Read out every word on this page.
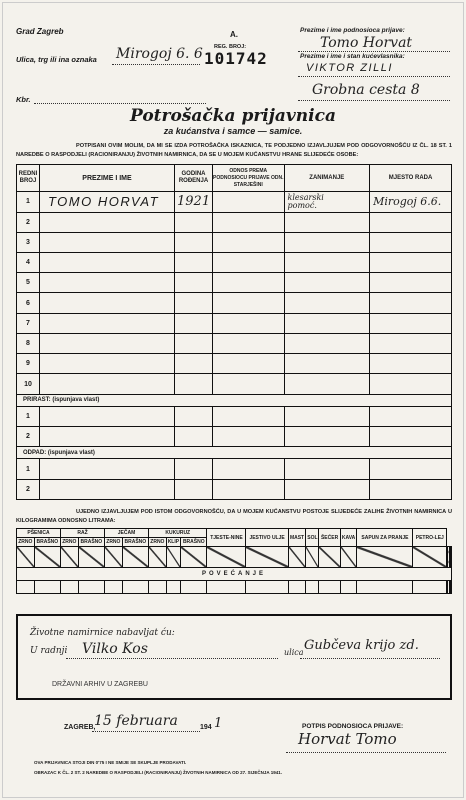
Grad Zagreb	A.
Ulica, trg ili ina oznaka Mirogoj 6. 6 REG. BROJ:
101742
Kbr.
Prezime i ime podnosioca prijave:
Tomo Horvat
Prezime i ime i stan kućevlasnika:
VIKTOR ZILLI
Grobna cesta 8
Potrošačka prijavnica
za kućanstva i samce — samice.
POTPISANI OVIM MOLIM, DA MI SE IZDA POTROŠAČKA ISKAZNICA, TE PODJEDNO IZJAVLJUJEM POD ODGOVORNOŠĆU IZ ČL. 18 ST. 1 NAREDBE O RASPODJELI (RACIONIRANJU) ŽIVOTNIH NAMIRNICA, DA SE U MOJEM KUĆANSTVU HRANE SLIJEDEĆE OSOBE:
REDNI BROJ	PREZIME I IME	GODINA ROĐENJA	ODNOS PREMA PODNOSIOCU PRIJAVE ODN. STARJEŠINI	ZANIMANJE	MJESTO RADA
1	TOMO HORVAT	1921		klesarski pomoć.	Mirogoj 6.6.
2					
3					
4					
5					
6					
7					
8					
9					
10					
PRIRAST: (ispunjava vlast)					
1					
2					
ODPAD: (ispunjava vlast)					
1					
2					
UJEDNO IZJAVLJUJEM POD ISTOM ODGOVORNOŠĆU, DA U MOJEM KUĆANSTVU POSTOJE SLIJEDEĆE ZALIHE ŽIVOTNIH NAMIRNICA U KILOGRAMIMA ODNOSNO LITRAMA:
PŠENICA		RAŽ		JEČAM		KUKURUZ			TJESTE-NINE	JESTIVO ULJE	MAST	SOL	ŠEĆER	KAVA	SAPUN ZA PRANJE	PETRO-LEJ		
ZRNO	BRAŠNO	ZRNO	BRAŠNO	ZRNO	BRAŠNO	ZRNO	KLIP	BRAŠNO										

POVEĆANJE																		

Životne namirnice nabavljat ću:
U radnji Vilko Kos	ulica Gubčeva krijo zd.
DRŽAVNI ARHIV U ZAGREBU
ZAGREB,
15 februara	194 1	POTPIS PODNOSIOCA PRIJAVE:
Horvat Tomo
OVA PRIJAVNICA STOJI DIN 0'75 I NE SMIJE SE SKUPLJE PRODAVATI.
OBRAZAC K ČL. 2 ST. 2 NAREDBE O RASPODJELI (RACIONIRANJU) ŽIVOTNIH NAMIRNICA OD 27. SIJEČNJA 1941.
